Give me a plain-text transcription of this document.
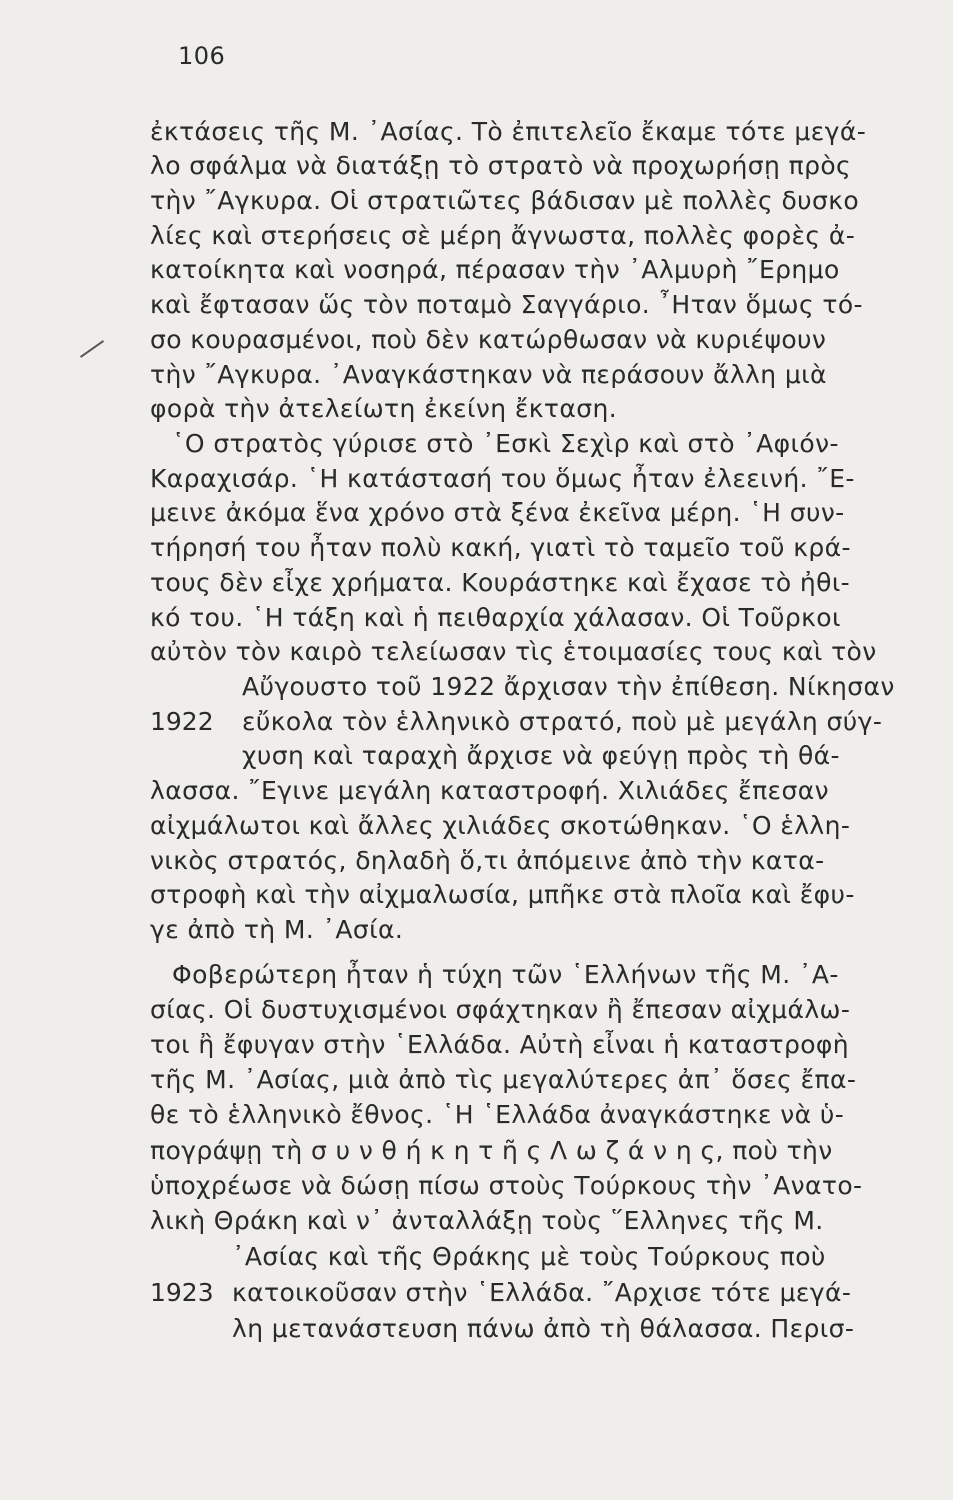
106
ἐκτάσεις τῆς Μ. ᾿Ασίας. Τὸ ἐπιτελεῖο ἔκαμε τότε μεγά-
λο σφάλμα νὰ διατάξῃ τὸ στρατὸ νὰ προχωρήσῃ πρὸς
τὴν ῎Αγκυρα. Οἱ στρατιῶτες βάδισαν μὲ πολλὲς δυσκο
λίες καὶ στερήσεις σὲ μέρη ἄγνωστα, πολλὲς φορὲς ἀ-
κατοίκητα καὶ νοσηρά, πέρασαν τὴν ᾿Αλμυρὴ ῎Ερημο
καὶ ἔφτασαν ὥς τὸν ποταμὸ Σαγγάριο. ῏Ηταν ὅμως τό-
σο κουρασμένοι, ποὺ δὲν κατώρθωσαν νὰ κυριέψουν
τὴν ῎Αγκυρα. ᾿Αναγκάστηκαν νὰ περάσουν ἄλλη μιὰ
φορὰ τὴν ἀτελείωτη ἐκείνη ἔκταση.
῾Ο στρατὸς γύρισε στὸ ᾿Εσκὶ Σεχὶρ καὶ στὸ ᾿Αφιόν-
Καραχισάρ. ῾Η κατάστασή του ὅμως ἦταν ἐλεεινή. ῎Ε-
μεινε ἀκόμα ἕνα χρόνο στὰ ξένα ἐκεῖνα μέρη. ῾Η συν-
τήρησή του ἦταν πολὺ κακή, γιατὶ τὸ ταμεῖο τοῦ κρά-
τους δὲν εἶχε χρήματα. Κουράστηκε καὶ ἔχασε τὸ ἠθι-
κό του. ῾Η τάξη καὶ ἡ πειθαρχία χάλασαν. Οἱ Τοῦρκοι
αὐτὸν τὸν καιρὸ τελείωσαν τὶς ἑτοιμασίες τους καὶ τὸν
Αὔγουστο τοῦ 1922 ἄρχισαν τὴν ἐπίθεση. Νίκησαν
εὔκολα τὸν ἑλληνικὸ στρατό, ποὺ μὲ μεγάλη σύγ-
χυση καὶ ταραχὴ ἄρχισε νὰ φεύγῃ πρὸς τὴ θά-
λασσα. ῎Εγινε μεγάλη καταστροφή. Χιλιάδες ἔπεσαν
αἰχμάλωτοι καὶ ἄλλες χιλιάδες σκοτώθηκαν. ῾Ο ἑλλη-
νικὸς στρατός, δηλαδὴ ὅ,τι ἀπόμεινε ἀπὸ τὴν κατα-
στροφὴ καὶ τὴν αἰχμαλωσία, μπῆκε στὰ πλοῖα καὶ ἔφυ-
γε ἀπὸ τὴ Μ. ᾿Ασία.
Φοβερώτερη ἦταν ἡ τύχη τῶν ῾Ελλήνων τῆς Μ. ᾿Α-
σίας. Οἱ δυστυχισμένοι σφάχτηκαν ἢ ἔπεσαν αἰχμάλω-
τοι ἢ ἔφυγαν στὴν ῾Ελλάδα. Αὐτὴ εἶναι ἡ καταστροφὴ
τῆς Μ. ᾿Ασίας, μιὰ ἀπὸ τὶς μεγαλύτερες ἀπ᾿ ὅσες ἔπα-
θε τὸ ἑλληνικὸ ἔθνος. ῾Η ῾Ελλάδα ἀναγκάστηκε νὰ ὑ-
πογράψῃ τὴ σ υ ν θ ή κ η τ ῆ ς Λ ω ζ ά ν η ς, ποὺ τὴν
ὑποχρέωσε νὰ δώσῃ πίσω στοὺς Τούρκους τὴν ᾿Ανατο-
λικὴ Θράκη καὶ ν᾿ ἀνταλλάξῃ τοὺς ῞Ελληνες τῆς Μ.
᾿Ασίας καὶ τῆς Θράκης μὲ τοὺς Τούρκους ποὺ
κατοικοῦσαν στὴν ῾Ελλάδα. ῎Αρχισε τότε μεγά-
λη μετανάστευση πάνω ἀπὸ τὴ θάλασσα. Περισ-
1922
1923
